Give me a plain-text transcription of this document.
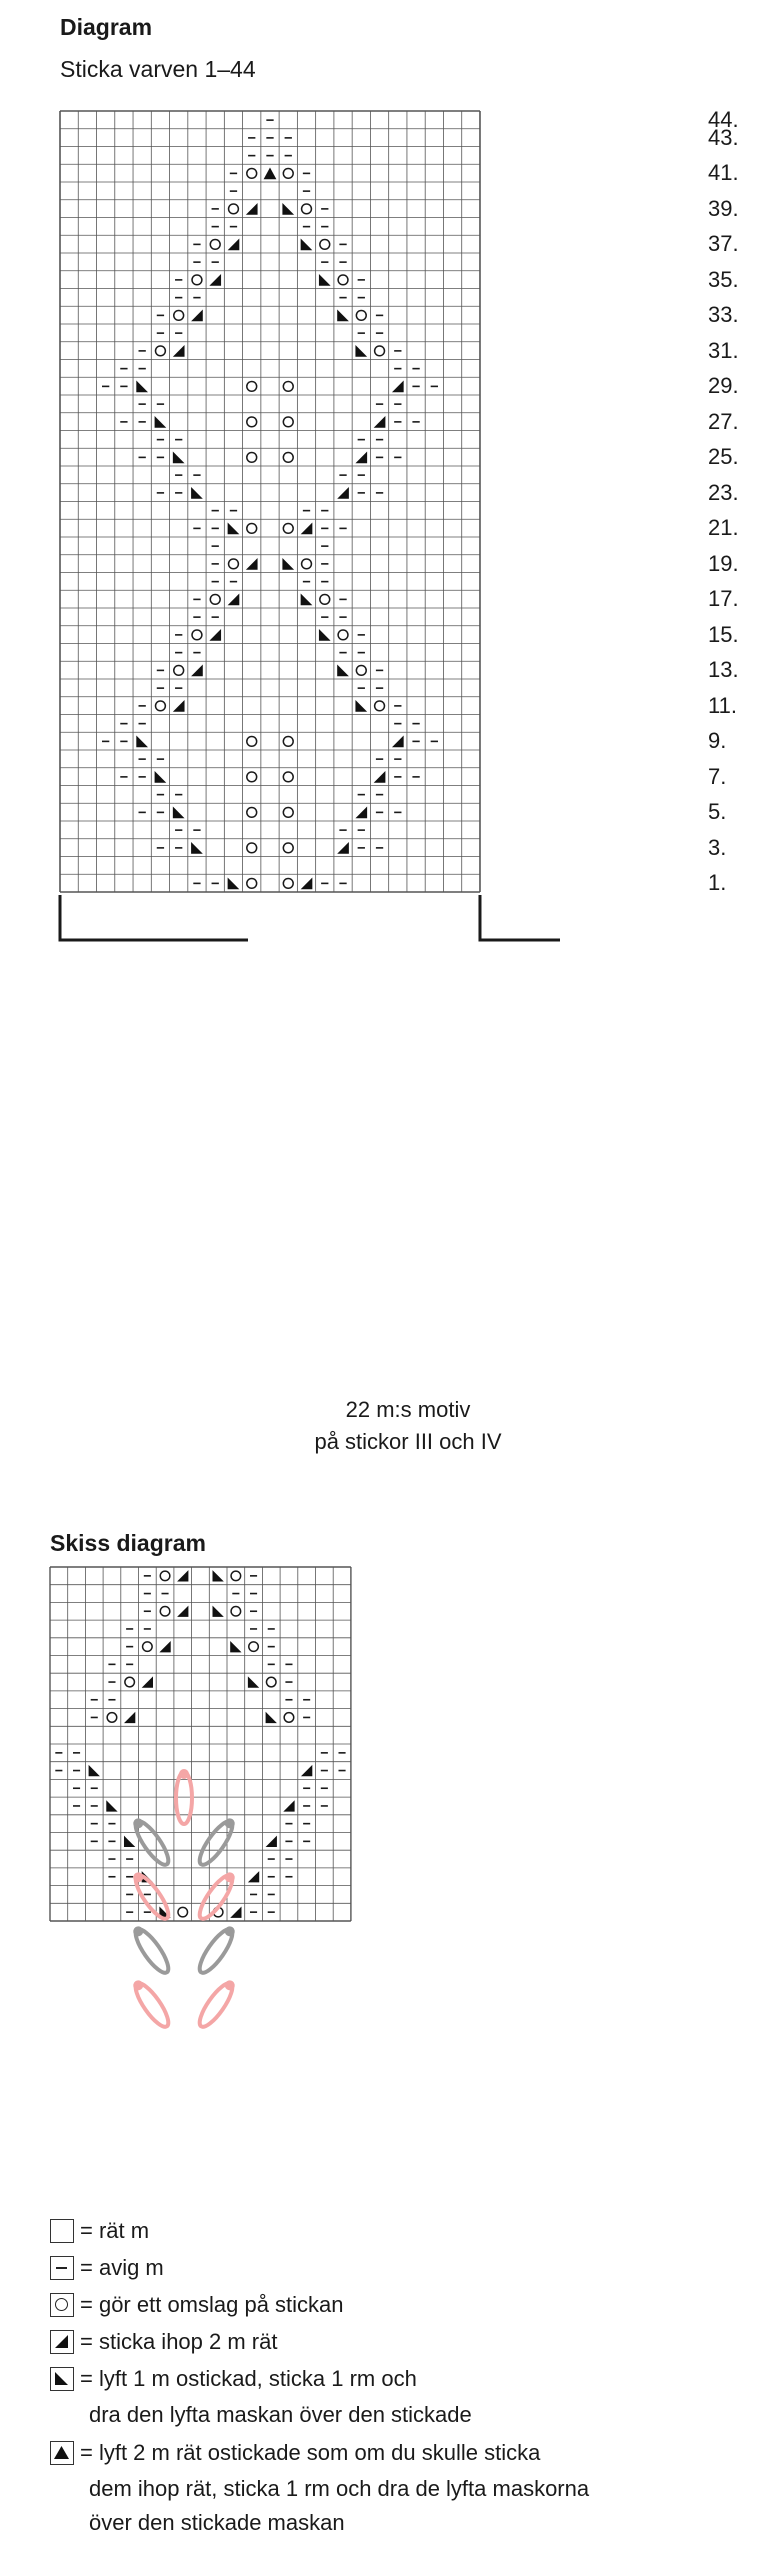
Diagram
Sticka varven 1–44
44.
43.
41.
39.
37.
35.
33.
31.
29.
27.
25.
23.
21.
19.
17.
15.
13.
11.
9.
7.
5.
3.
1.
22 m:s motiv
på stickor III och IV
Skiss diagram
= rät m
= avig m
= gör ett omslag på stickan
= sticka ihop 2 m rät
= lyft 1 m ostickad, sticka 1 rm och
dra den lyfta maskan över den stickade
= lyft 2 m rät ostickade som om du skulle sticka
dem ihop rät, sticka 1 rm och dra de lyfta maskorna
över den stickade maskan
